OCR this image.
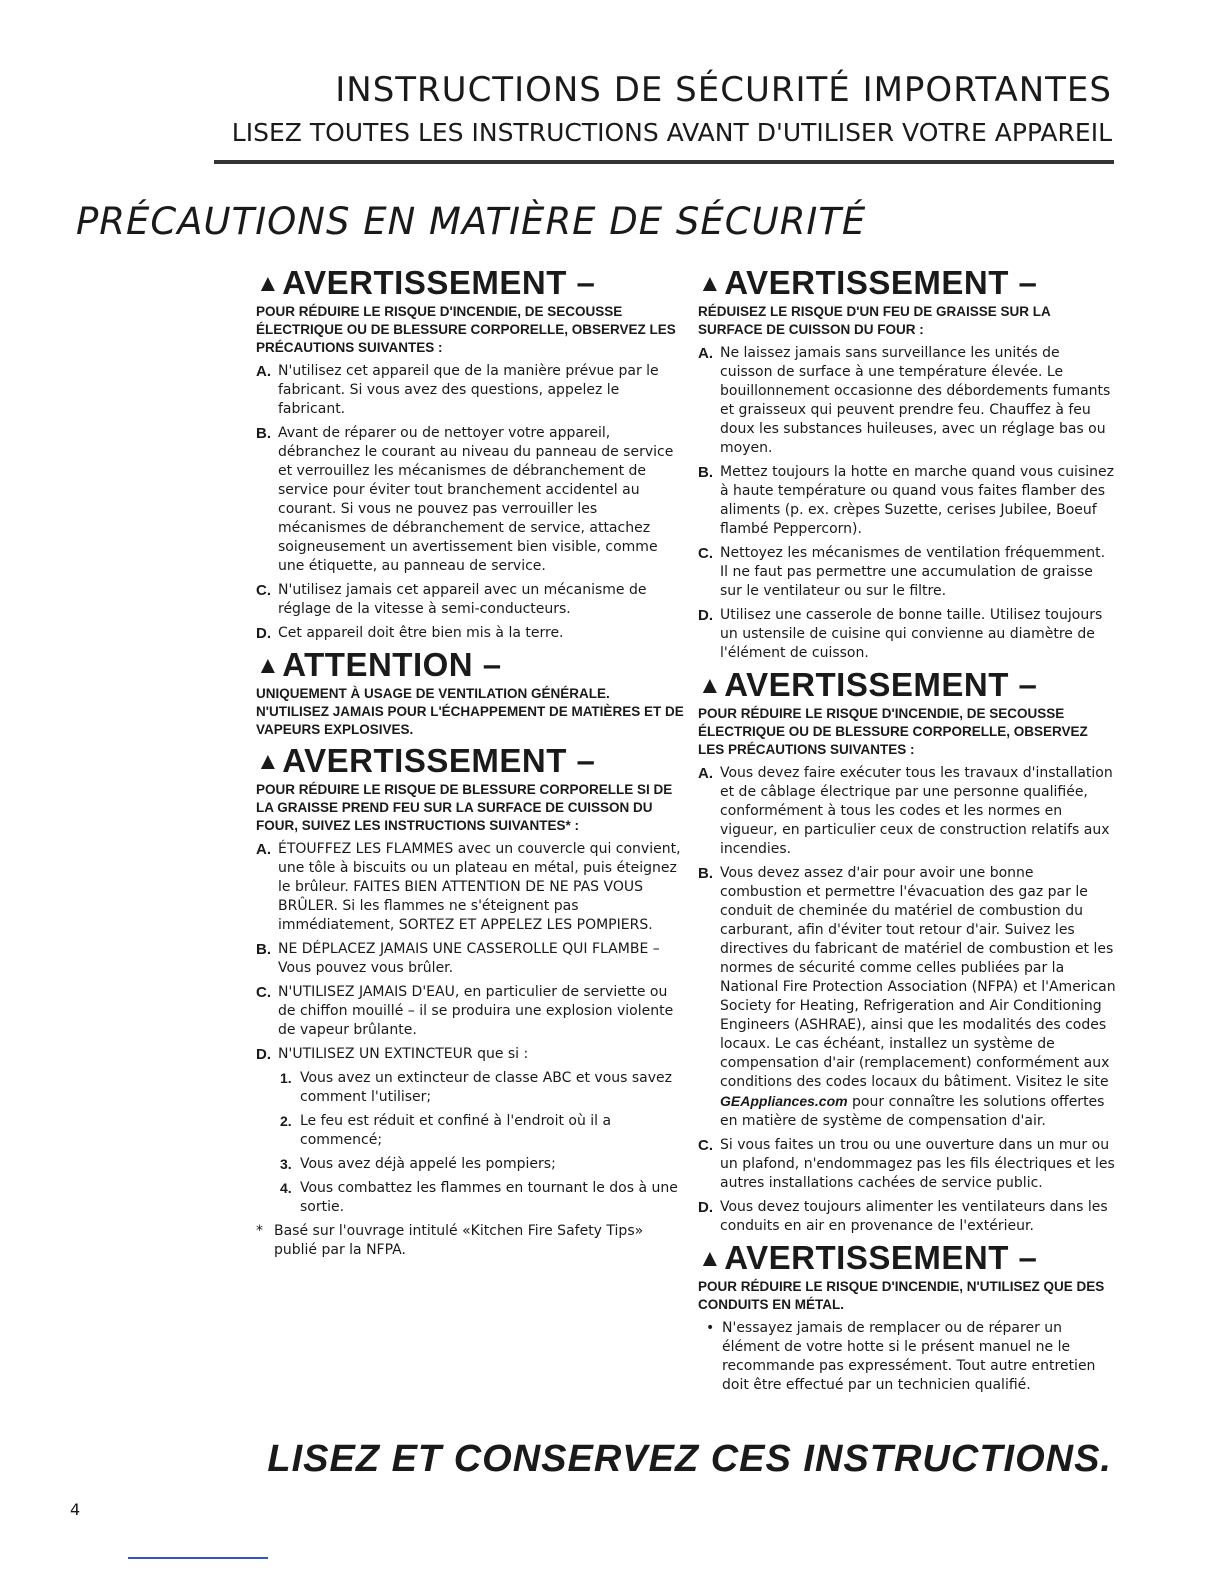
INSTRUCTIONS DE SÉCURITÉ IMPORTANTES
LISEZ TOUTES LES INSTRUCTIONS AVANT D'UTILISER VOTRE APPAREIL
PRÉCAUTIONS EN MATIÈRE DE SÉCURITÉ
▲AVERTISSEMENT –
POUR RÉDUIRE LE RISQUE D'INCENDIE, DE SECOUSSE ÉLECTRIQUE OU DE BLESSURE CORPORELLE, OBSERVEZ LES PRÉCAUTIONS SUIVANTES :
A. N'utilisez cet appareil que de la manière prévue par le fabricant. Si vous avez des questions, appelez le fabricant.
B. Avant de réparer ou de nettoyer votre appareil, débranchez le courant au niveau du panneau de service et verrouillez les mécanismes de débranchement de service pour éviter tout branchement accidentel au courant. Si vous ne pouvez pas verrouiller les mécanismes de débranchement de service, attachez soigneusement un avertissement bien visible, comme une étiquette, au panneau de service.
C. N'utilisez jamais cet appareil avec un mécanisme de réglage de la vitesse à semi-conducteurs.
D. Cet appareil doit être bien mis à la terre.
▲ATTENTION –
UNIQUEMENT À USAGE DE VENTILATION GÉNÉRALE. N'UTILISEZ JAMAIS POUR L'ÉCHAPPEMENT DE MATIÈRES ET DE VAPEURS EXPLOSIVES.
▲AVERTISSEMENT –
POUR RÉDUIRE LE RISQUE DE BLESSURE CORPORELLE SI DE LA GRAISSE PREND FEU SUR LA SURFACE DE CUISSON DU FOUR, SUIVEZ LES INSTRUCTIONS SUIVANTES* :
A. ÉTOUFFEZ LES FLAMMES avec un couvercle qui convient, une tôle à biscuits ou un plateau en métal, puis éteignez le brûleur. FAITES BIEN ATTENTION DE NE PAS VOUS BRÛLER. Si les flammes ne s'éteignent pas immédiatement, SORTEZ ET APPELEZ LES POMPIERS.
B. NE DÉPLACEZ JAMAIS UNE CASSEROLLE QUI FLAMBE – Vous pouvez vous brûler.
C. N'UTILISEZ JAMAIS D'EAU, en particulier de serviette ou de chiffon mouillé – il se produira une explosion violente de vapeur brûlante.
D. N'UTILISEZ UN EXTINCTEUR que si :
1. Vous avez un extincteur de classe ABC et vous savez comment l'utiliser;
2. Le feu est réduit et confiné à l'endroit où il a commencé;
3. Vous avez déjà appelé les pompiers;
4. Vous combattez les flammes en tournant le dos à une sortie.
* Basé sur l'ouvrage intitulé «Kitchen Fire Safety Tips» publié par la NFPA.
▲AVERTISSEMENT –
RÉDUISEZ LE RISQUE D'UN FEU DE GRAISSE SUR LA SURFACE DE CUISSON DU FOUR :
A. Ne laissez jamais sans surveillance les unités de cuisson de surface à une température élevée. Le bouillonnement occasionne des débordements fumants et graisseux qui peuvent prendre feu. Chauffez à feu doux les substances huileuses, avec un réglage bas ou moyen.
B. Mettez toujours la hotte en marche quand vous cuisinez à haute température ou quand vous faites flamber des aliments (p. ex. crèpes Suzette, cerises Jubilee, Boeuf flambé Peppercorn).
C. Nettoyez les mécanismes de ventilation fréquemment. Il ne faut pas permettre une accumulation de graisse sur le ventilateur ou sur le filtre.
D. Utilisez une casserole de bonne taille. Utilisez toujours un ustensile de cuisine qui convienne au diamètre de l'élément de cuisson.
▲AVERTISSEMENT –
POUR RÉDUIRE LE RISQUE D'INCENDIE, DE SECOUSSE ÉLECTRIQUE OU DE BLESSURE CORPORELLE, OBSERVEZ LES PRÉCAUTIONS SUIVANTES :
A. Vous devez faire exécuter tous les travaux d'installation et de câblage électrique par une personne qualifiée, conformément à tous les codes et les normes en vigueur, en particulier ceux de construction relatifs aux incendies.
B. Vous devez assez d'air pour avoir une bonne combustion et permettre l'évacuation des gaz par le conduit de cheminée du matériel de combustion du carburant, afin d'éviter tout retour d'air. Suivez les directives du fabricant de matériel de combustion et les normes de sécurité comme celles publiées par la National Fire Protection Association (NFPA) et l'American Society for Heating, Refrigeration and Air Conditioning Engineers (ASHRAE), ainsi que les modalités des codes locaux. Le cas échéant, installez un système de compensation d'air (remplacement) conformément aux conditions des codes locaux du bâtiment. Visitez le site GEAppliances.com pour connaître les solutions offertes en matière de système de compensation d'air.
C. Si vous faites un trou ou une ouverture dans un mur ou un plafond, n'endommagez pas les fils électriques et les autres installations cachées de service public.
D. Vous devez toujours alimenter les ventilateurs dans les conduits en air en provenance de l'extérieur.
▲AVERTISSEMENT –
POUR RÉDUIRE LE RISQUE D'INCENDIE, N'UTILISEZ QUE DES CONDUITS EN MÉTAL.
• N'essayez jamais de remplacer ou de réparer un élément de votre hotte si le présent manuel ne le recommande pas expressément. Tout autre entretien doit être effectué par un technicien qualifié.
LISEZ ET CONSERVEZ CES INSTRUCTIONS.
4
